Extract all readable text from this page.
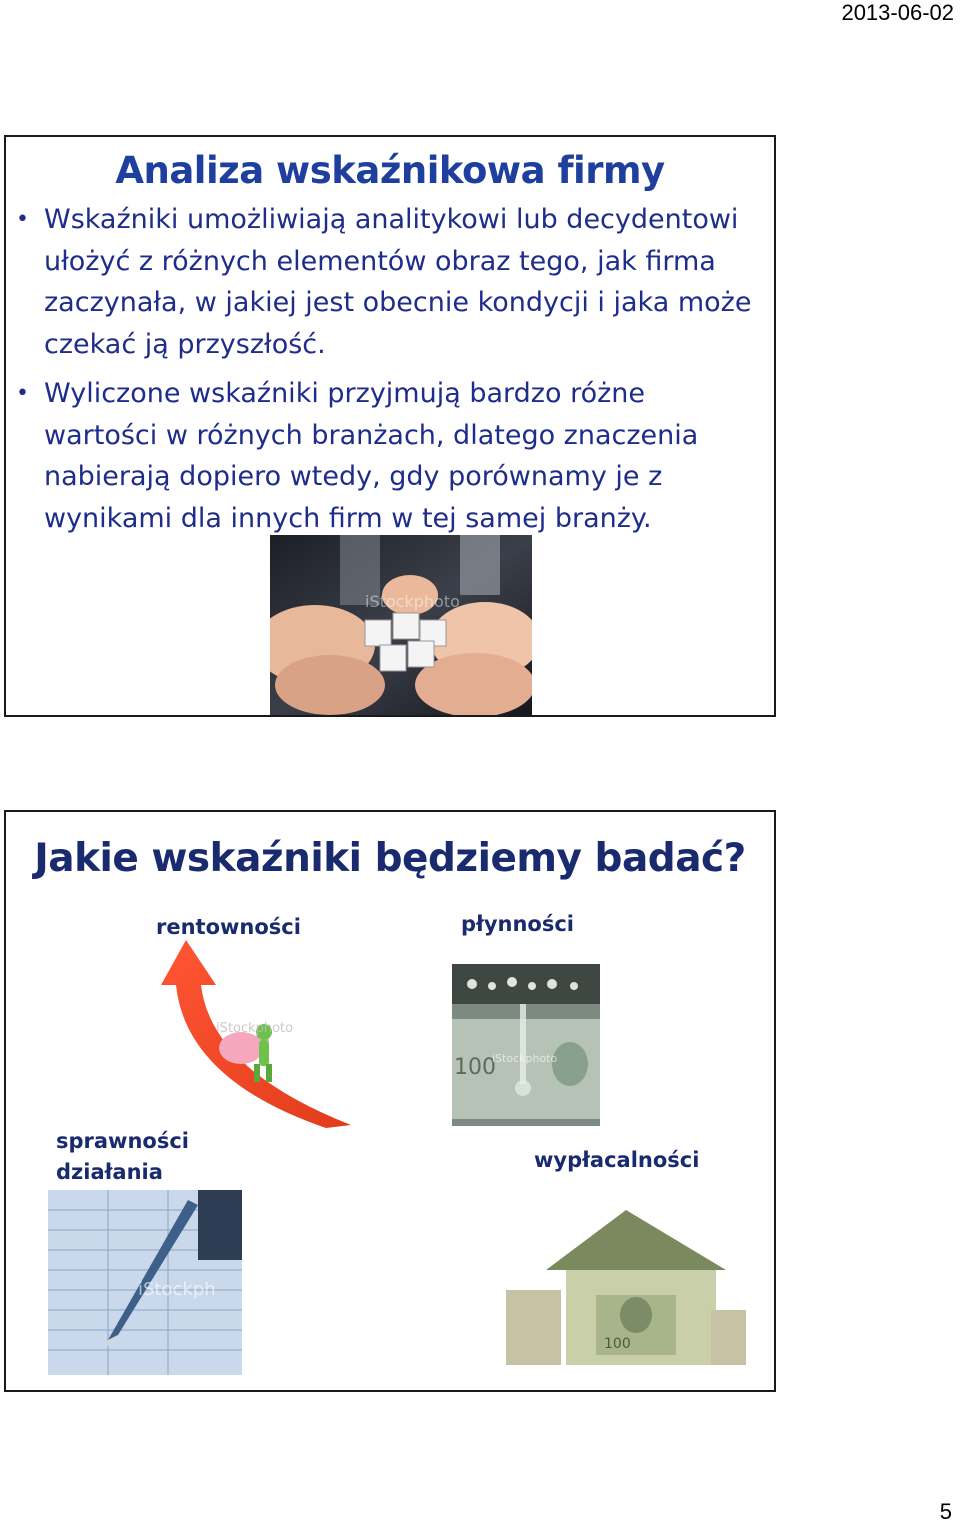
2013-06-02
Analiza wskaźnikowa firmy
• Wskaźniki umożliwiają analitykowi lub decydentowi ułożyć z różnych elementów obraz tego, jak firma zaczynała, w jakiej jest obecnie kondycji i jaka może czekać ją przyszłość.
• Wyliczone wskaźniki przyjmują bardzo różne wartości w różnych branżach, dlatego znaczenia nabierają dopiero wtedy, gdy porównamy je z wynikami dla innych firm w tej samej branży.
iStockphoto
Jakie wskaźniki będziemy badać?
rentowności	płynności
sprawności działania	wypłacalności
iStockphoto
100
iStockphoto
iStockph
100
5
